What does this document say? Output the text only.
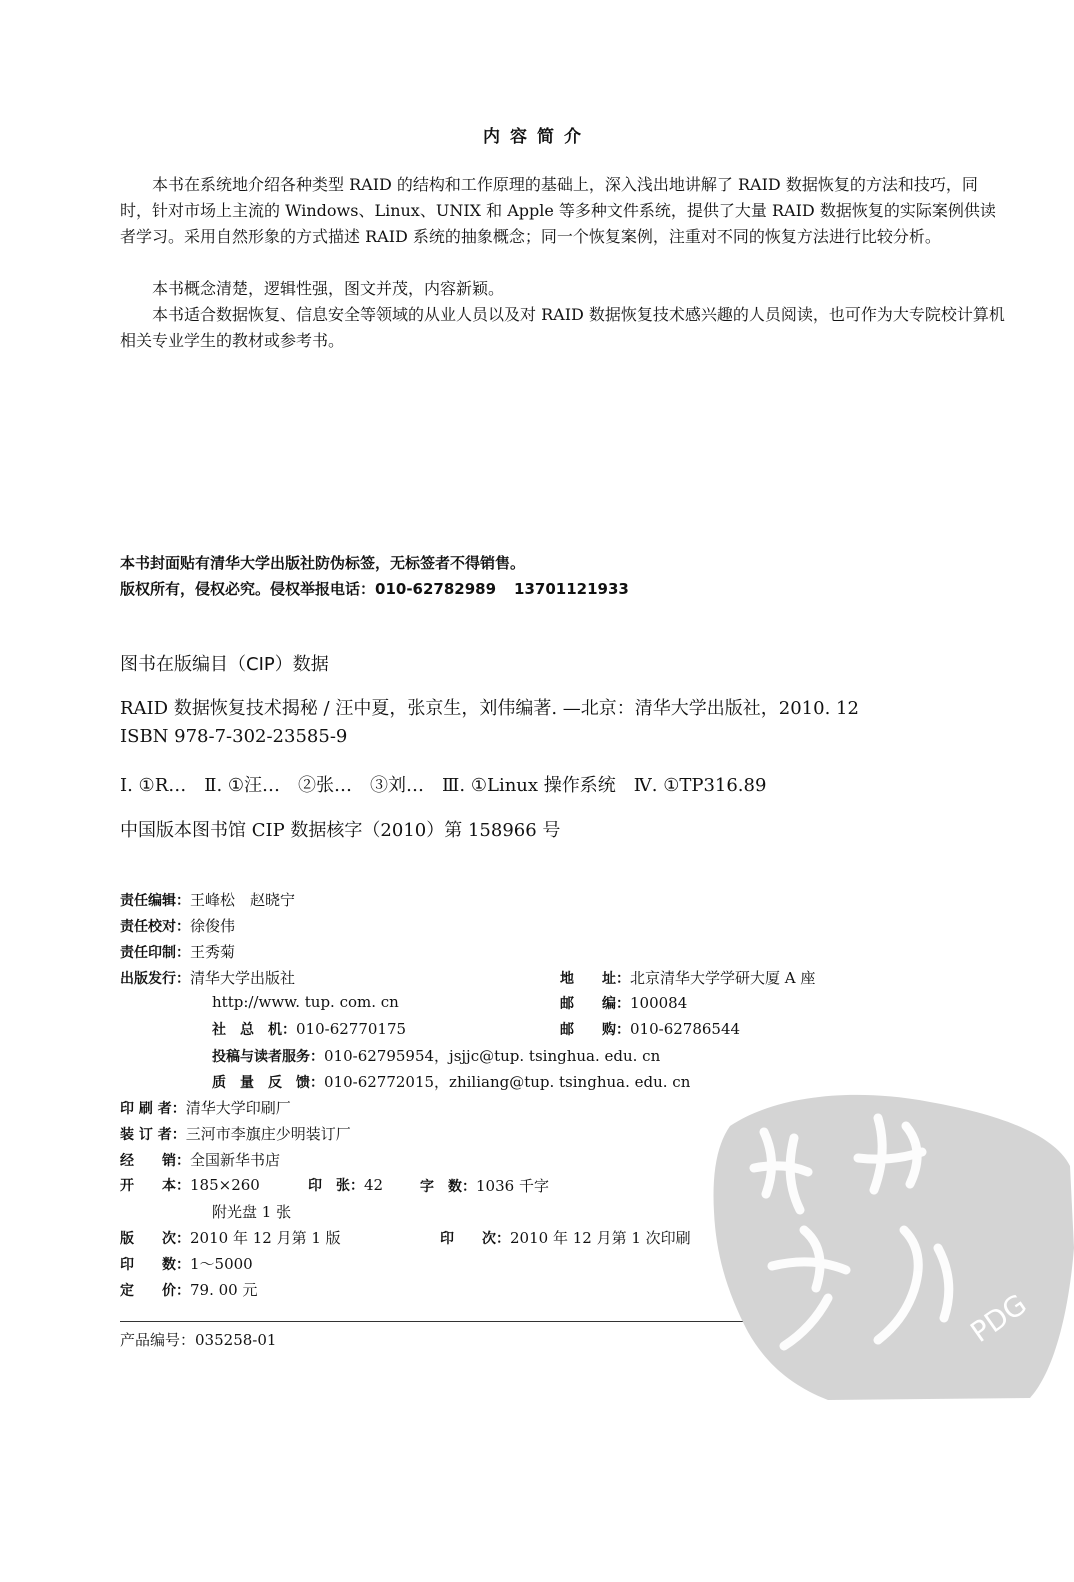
内容简介
本书在系统地介绍各种类型 RAID 的结构和工作原理的基础上，深入浅出地讲解了 RAID 数据恢复的方法和技巧，同时，针对市场上主流的 Windows、Linux、UNIX 和 Apple 等多种文件系统，提供了大量 RAID 数据恢复的实际案例供读者学习。采用自然形象的方式描述 RAID 系统的抽象概念；同一个恢复案例，注重对不同的恢复方法进行比较分析。
本书概念清楚，逻辑性强，图文并茂，内容新颖。
本书适合数据恢复、信息安全等领域的从业人员以及对 RAID 数据恢复技术感兴趣的人员阅读，也可作为大专院校计算机相关专业学生的教材或参考书。
本书封面贴有清华大学出版社防伪标签，无标签者不得销售。
版权所有，侵权必究。侵权举报电话：010-62782989 13701121933
图书在版编目（CIP）数据
RAID 数据恢复技术揭秘 / 汪中夏，张京生，刘伟编著. —北京：清华大学出版社，2010. 12
ISBN 978-7-302-23585-9
Ⅰ. ①R…　Ⅱ. ①汪…　②张…　③刘…　Ⅲ. ①Linux 操作系统　Ⅳ. ①TP316.89
中国版本图书馆 CIP 数据核字（2010）第 158966 号
责任编辑：王峰松　赵晓宁
责任校对：徐俊伟
责任印制：王秀菊
出版发行：清华大学出版社	地　　址：北京清华大学学研大厦 A 座
http://www. tup. com. cn	邮　　编：100084
社　总　机：010-62770175	邮　　购：010-62786544
投稿与读者服务：010-62795954，jsjjc@tup. tsinghua. edu. cn
质　量　反　馈：010-62772015，zhiliang@tup. tsinghua. edu. cn
印 刷 者：清华大学印刷厂
装 订 者：三河市李旗庄少明装订厂
经　　销：全国新华书店
开　　本：185×260	印　张：42	字　数：1036 千字
附光盘 1 张
版　　次：2010 年 12 月第 1 版	印　　次：2010 年 12 月第 1 次印刷
印　　数：1～5000
定　　价：79. 00 元
产品编号：035258-01	PDG
